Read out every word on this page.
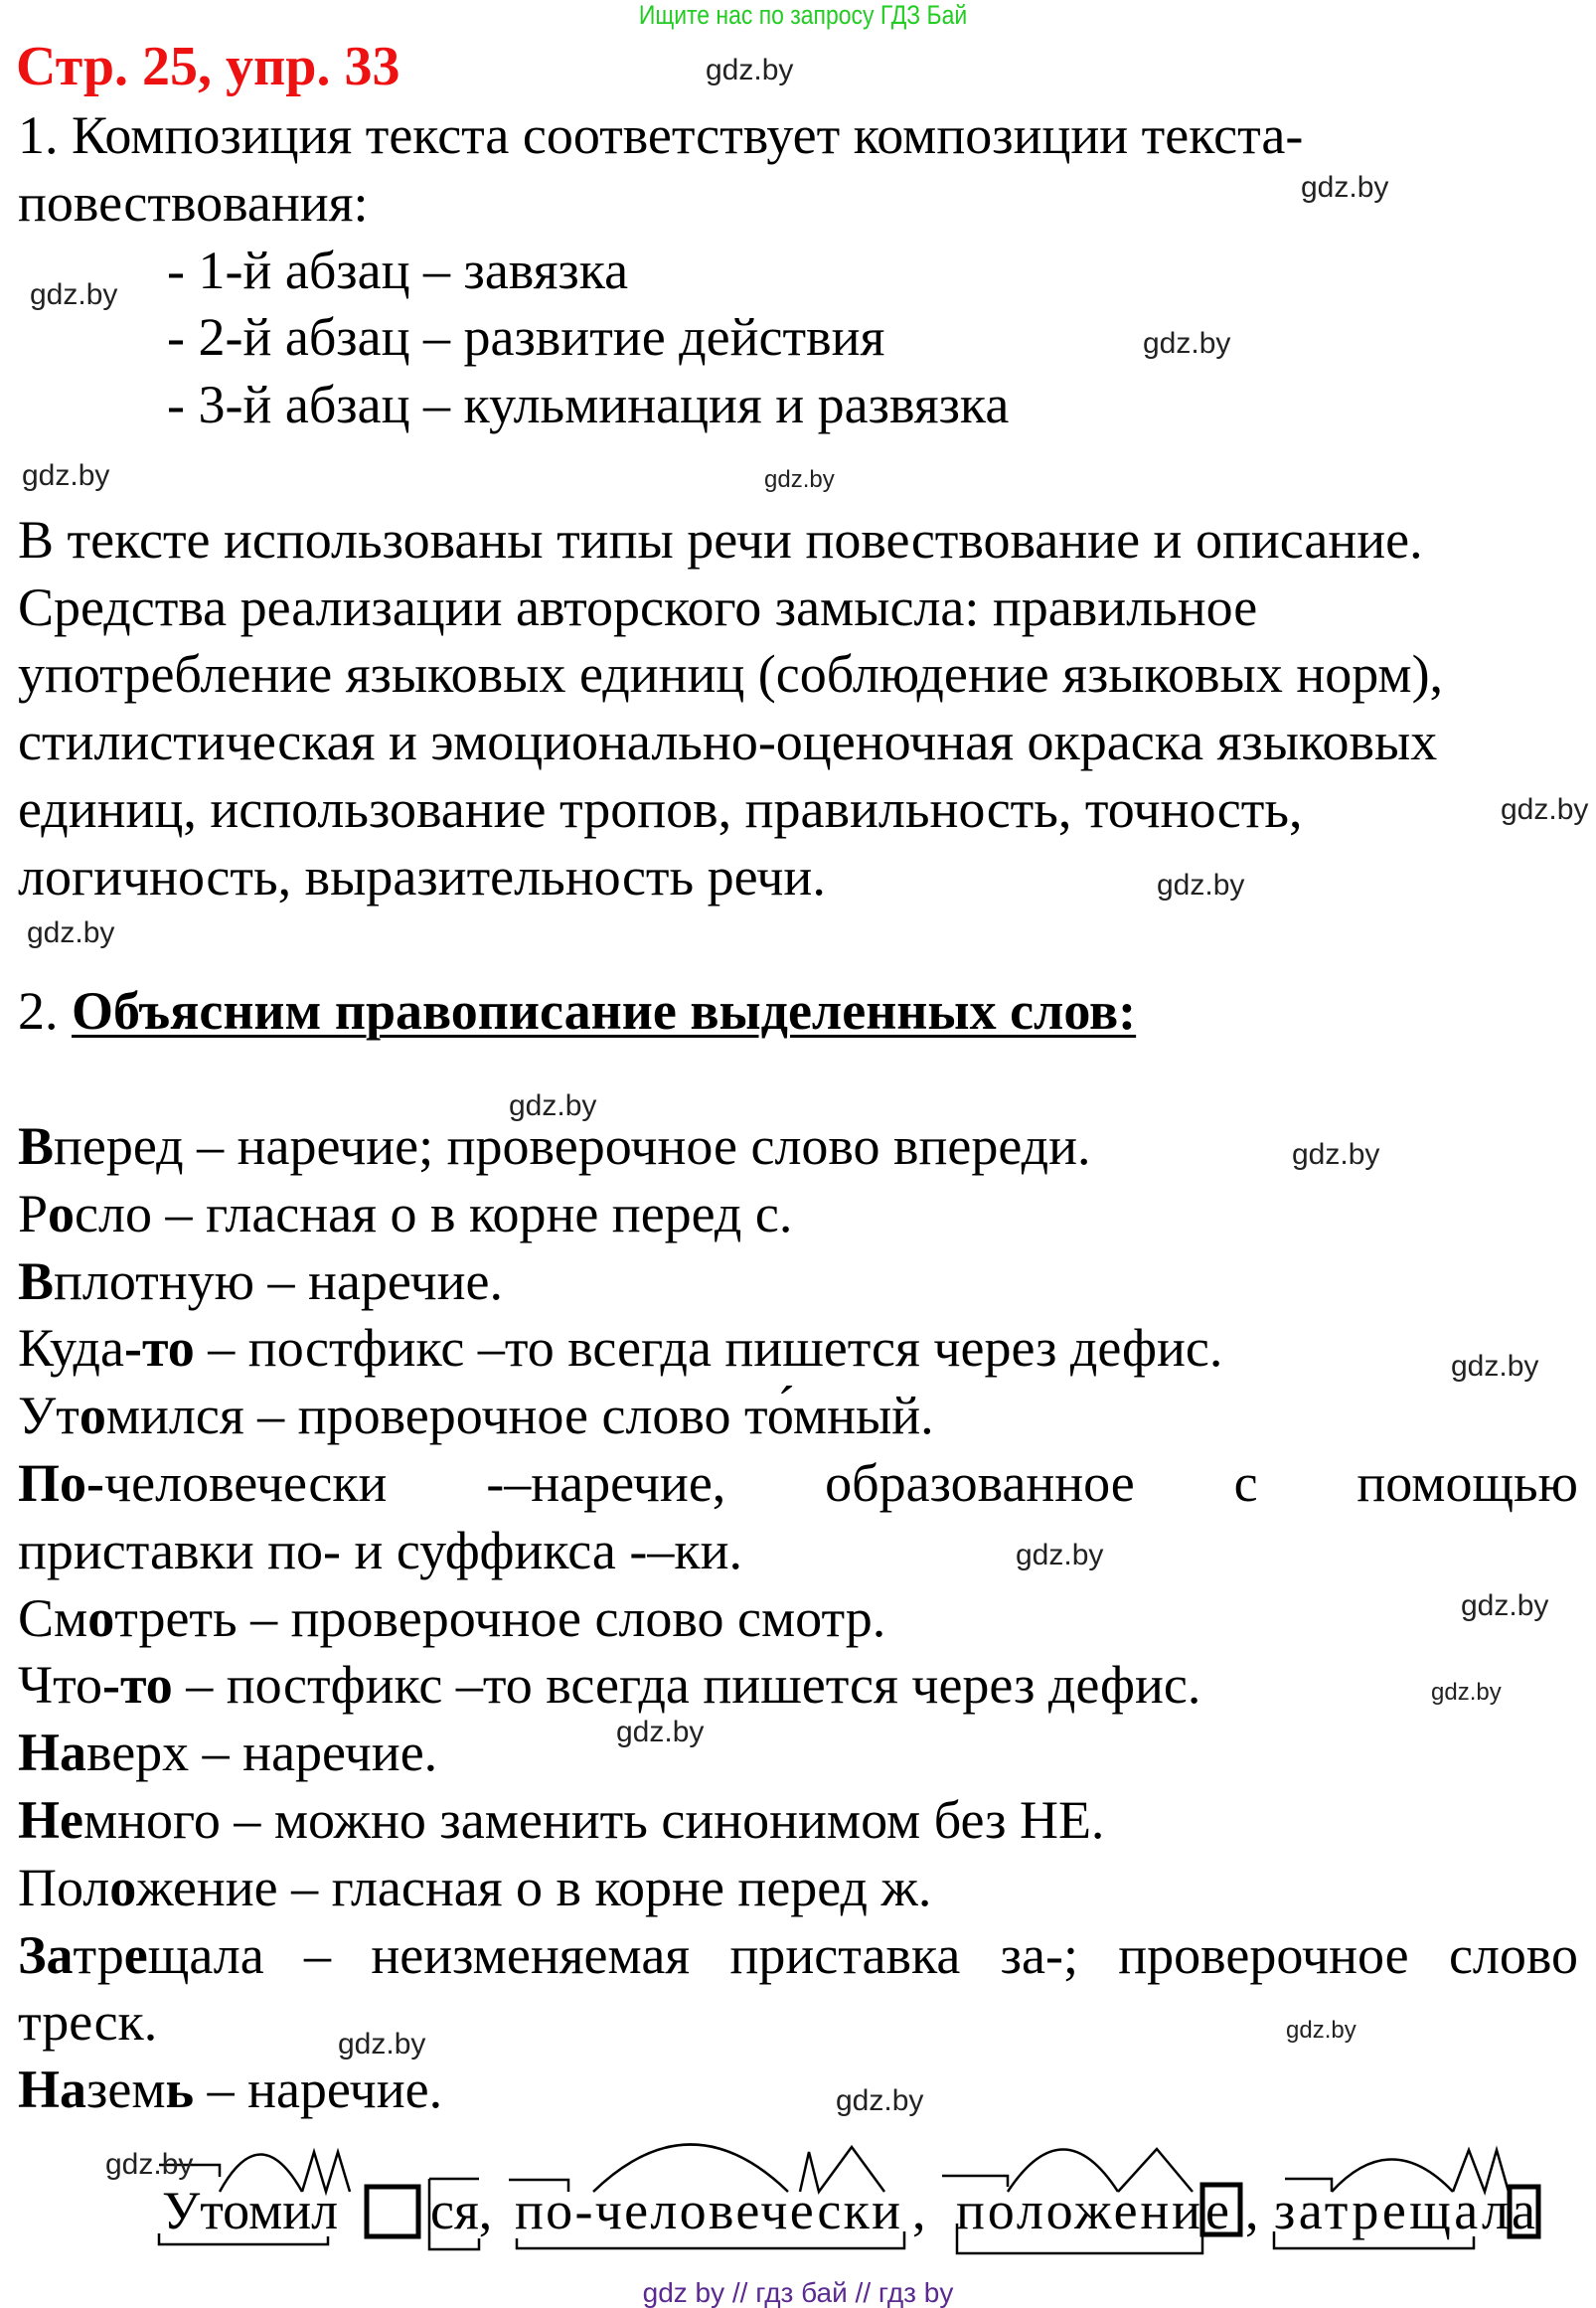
Ищите нас по запросу ГДЗ Бай
Стр. 25, упр. 33
1. Композиция текста соответствует композиции текста-
повествования:
- 1-й абзац – завязка
- 2-й абзац – развитие действия
- 3-й абзац – кульминация и развязка
В тексте использованы типы речи повествование и описание.
Средства реализации авторского замысла: правильное
употребление языковых единиц (соблюдение языковых норм),
стилистическая и эмоционально-оценочная окраска языковых
единиц, использование тропов, правильность, точность,
логичность, выразительность речи.
2. Объясним правописание выделенных слов:
Вперед – наречие; проверочное слово впереди.
Росло – гласная о в корне перед с.
Вплотную – наречие.
Куда-то – постфикс –то всегда пишется через дефис.
Утомился – проверочное слово то́мный.
По-человечески -–наречие, образованное с помощью
приставки по- и суффикса -–ки.
Смотреть – проверочное слово смотр.
Что-то – постфикс –то всегда пишется через дефис.
Наверх – наречие.
Немного – можно заменить синонимом без НЕ.
Положение – гласная о в корне перед ж.
Затрещала – неизменяемая приставка за-; проверочное слово
треск.
Наземь – наречие.
Утомил ся, по-человечески , положени е , затрещал а
gdz.by
gdz.by
gdz.by
gdz.by
gdz.by	gdz.by
gdz.by
gdz.by
gdz.by
gdz.by
gdz.by
gdz.by
gdz.by
gdz.by
gdz.by
gdz.by
gdz.by
gdz.by
gdz.by
gdz.by
gdz by // гдз бай // гдз by
